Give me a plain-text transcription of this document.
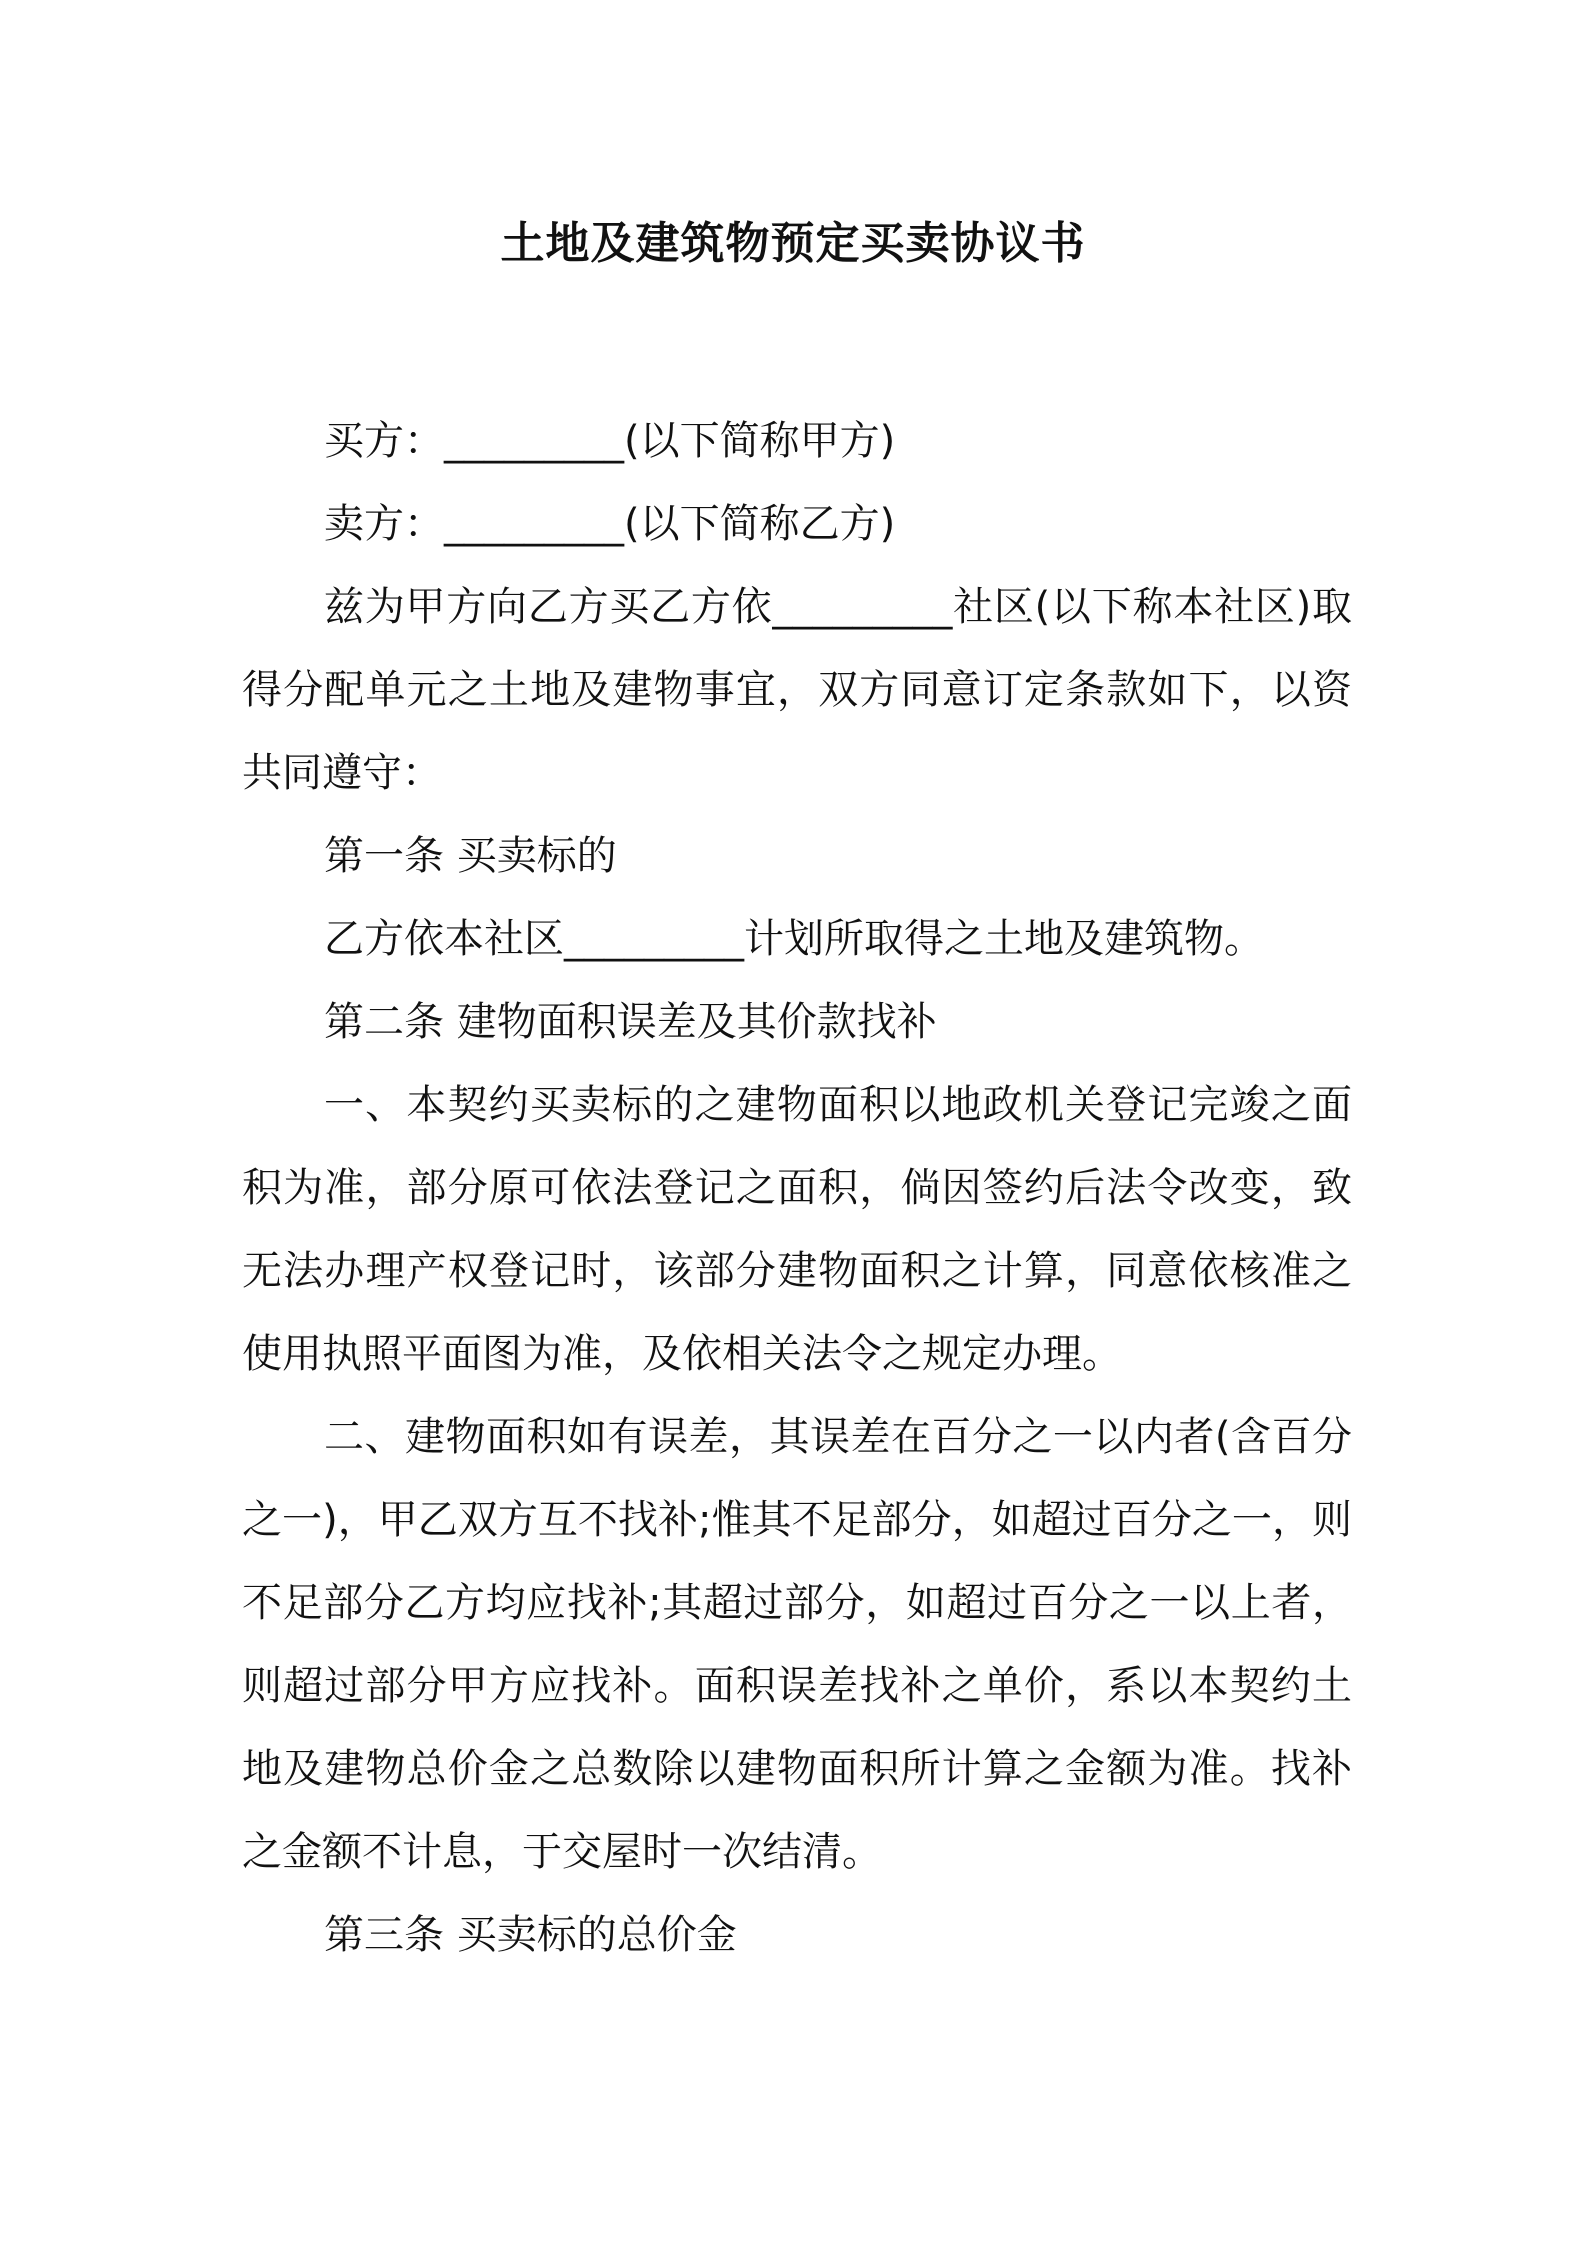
土地及建筑物预定买卖协议书

买方：_________(以下简称甲方)

卖方：_________(以下简称乙方)

兹为甲方向乙方买乙方依_________社区(以下称本社区)取得分配单元之土地及建物事宜，双方同意订定条款如下，以资共同遵守：

第一条 买卖标的

乙方依本社区_________计划所取得之土地及建筑物。

第二条 建物面积误差及其价款找补

一、本契约买卖标的之建物面积以地政机关登记完竣之面积为准，部分原可依法登记之面积，倘因签约后法令改变，致无法办理产权登记时，该部分建物面积之计算，同意依核准之使用执照平面图为准，及依相关法令之规定办理。

二、建物面积如有误差，其误差在百分之一以内者(含百分之一)，甲乙双方互不找补;惟其不足部分，如超过百分之一，则不足部分乙方均应找补;其超过部分，如超过百分之一以上者，则超过部分甲方应找补。面积误差找补之单价，系以本契约土地及建物总价金之总数除以建物面积所计算之金额为准。找补之金额不计息，于交屋时一次结清。

第三条 买卖标的总价金
